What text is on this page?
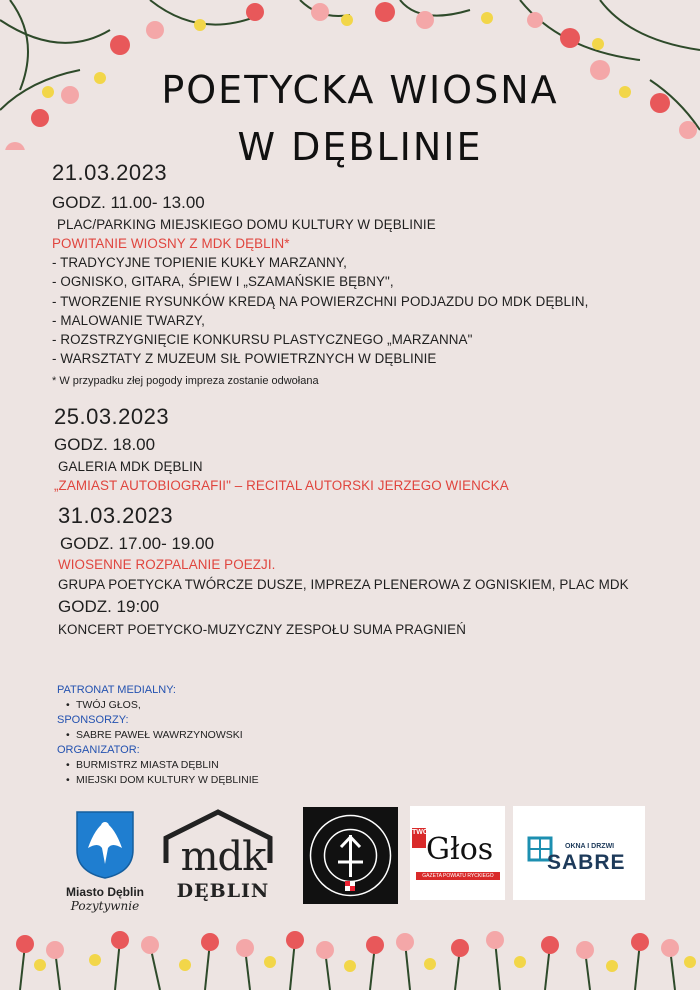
POETYCKA WIOSNA
W DĘBLINIE
21.03.2023
GODZ. 11.00- 13.00
PLAC/PARKING MIEJSKIEGO DOMU KULTURY W DĘBLINIE
POWITANIE WIOSNY Z MDK DĘBLIN*
- TRADYCYJNE TOPIENIE KUKŁY MARZANNY,
- OGNISKO, GITARA, ŚPIEW I „SZAMAŃSKIE BĘBNY",
- TWORZENIE RYSUNKÓW KREDĄ NA POWIERZCHNI PODJAZDU DO MDK DĘBLIN,
- MALOWANIE TWARZY,
- ROZSTRZYGNIĘCIE KONKURSU PLASTYCZNEGO „MARZANNA"
- WARSZTATY Z MUZEUM SIŁ POWIETRZNYCH W DĘBLINIE
* W przypadku złej pogody impreza zostanie odwołana
25.03.2023
GODZ. 18.00
GALERIA MDK DĘBLIN
„ZAMIAST AUTOBIOGRAFII" – RECITAL AUTORSKI JERZEGO WIENCKA
31.03.2023
GODZ. 17.00- 19.00
WIOSENNE ROZPALANIE POEZJI.
GRUPA POETYCKA TWÓRCZE DUSZE, IMPREZA PLENEROWA Z OGNISKIEM, PLAC MDK
GODZ. 19:00
KONCERT POETYCKO-MUZYCZNY ZESPOŁU SUMA PRAGNIEŃ
PATRONAT MEDIALNY:
• TWÓJ GŁOS,
SPONSORZY:
• SABRE PAWEŁ WAWRZYNOWSKI
ORGANIZATOR:
• BURMISTRZ MIASTA DĘBLIN
• MIEJSKI DOM KULTURY W DĘBLINIE
Miasto Dęblin
Pozytywnie
mdk
DĘBLIN
TWÓJ
Głos
GAZETA POWIATU RYCKIEGO
OKNA I DRZWI
SABRE
